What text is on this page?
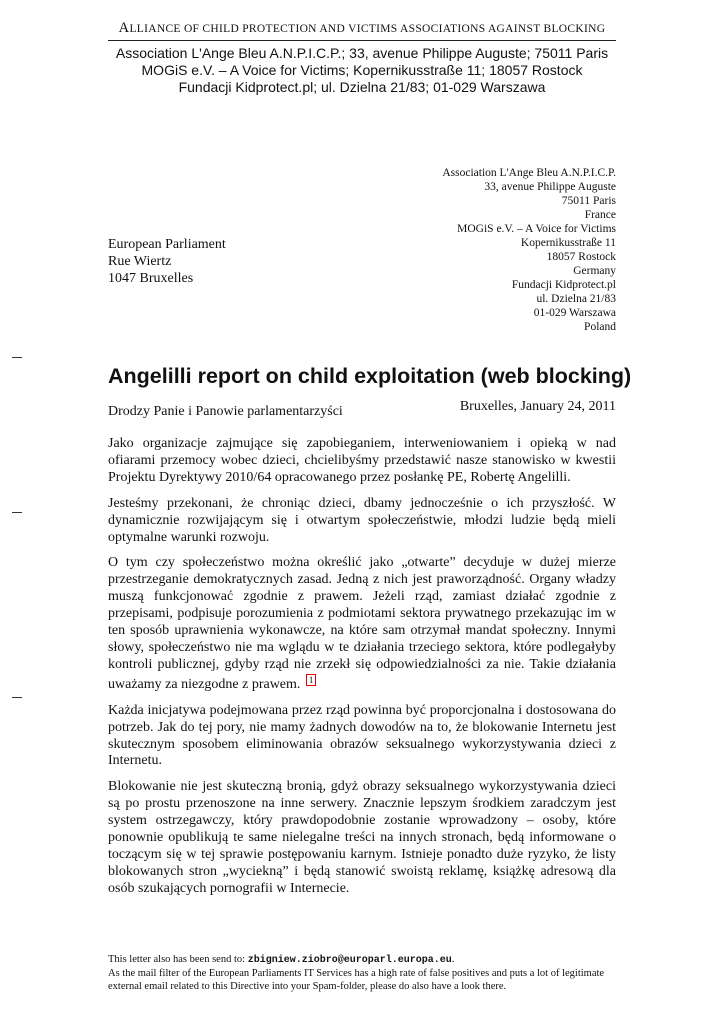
ALLIANCE OF CHILD PROTECTION AND VICTIMS ASSOCIATIONS AGAINST BLOCKING
Association L'Ange Bleu A.N.P.I.C.P.; 33, avenue Philippe Auguste; 75011 Paris
MOGiS e.V. – A Voice for Victims; Kopernikusstraße 11; 18057 Rostock
Fundacji Kidprotect.pl; ul. Dzielna 21/83; 01-029 Warszawa
Association L'Ange Bleu A.N.P.I.C.P.
33, avenue Philippe Auguste
75011 Paris
France
MOGiS e.V. – A Voice for Victims
Kopernikusstraße 11
18057 Rostock
Germany
Fundacji Kidprotect.pl
ul. Dzielna 21/83
01-029 Warszawa
Poland
European Parliament
Rue Wiertz
1047 Bruxelles
Angelilli report on child exploitation (web blocking)
Bruxelles, January 24, 2011
Drodzy Panie i Panowie parlamentarzyści

Jako organizacje zajmujące się zapobieganiem, interweniowaniem i opieką w nad ofiarami przemocy wobec dzieci, chcielibyśmy przedstawić nasze stanowisko w kwestii Projektu Dyrektywy 2010/64 opracowanego przez posłankę PE, Robertę Angelilli.

Jesteśmy przekonani, że chroniąc dzieci, dbamy jednocześnie o ich przyszłość. W dynamicznie rozwijającym się i otwartym społeczeństwie, młodzi ludzie będą mieli optymalne warunki rozwoju.

O tym czy społeczeństwo można określić jako „otwarte” decyduje w dużej mierze przestrzeganie demokratycznych zasad. Jedną z nich jest praworządność. Organy władzy muszą funkcjonować zgodnie z prawem. Jeżeli rząd, zamiast działać zgodnie z przepisami, podpisuje porozumienia z podmiotami sektora prywatnego przekazując im w ten sposób uprawnienia wykonawcze, na które sam otrzymał mandat społeczny. Innymi słowy, społeczeństwo nie ma wglądu w te działania trzeciego sektora, które podlegałyby kontroli publicznej, gdyby rząd nie zrzekł się odpowiedzialności za nie. Takie działania uważamy za niezgodne z prawem. 1

Każda inicjatywa podejmowana przez rząd powinna być proporcjonalna i dostosowana do potrzeb. Jak do tej pory, nie mamy żadnych dowodów na to, że blokowanie Internetu jest skutecznym sposobem eliminowania obrazów seksualnego wykorzystywania dzieci z Internetu.

Blokowanie nie jest skuteczną bronią, gdyż obrazy seksualnego wykorzystywania dzieci są po prostu przenoszone na inne serwery. Znacznie lepszym środkiem zaradczym jest system ostrzegawczy, który prawdopodobnie zostanie wprowadzony – osoby, które ponownie opublikują te same nielegalne treści na innych stronach, będą informowane o toczącym się w tej sprawie postępowaniu karnym. Istnieje ponadto duże ryzyko, że listy blokowanych stron „wyciekną” i będą stanowić swoistą reklamę, książkę adresową dla osób szukających pornografii w Internecie.

This letter also has been send to: zbigniew.ziobro@europarl.europa.eu.
As the mail filter of the European Parliaments IT Services has a high rate of false positives and puts a lot of legitimate external email related to this Directive into your Spam-folder, please do also have a look there.
